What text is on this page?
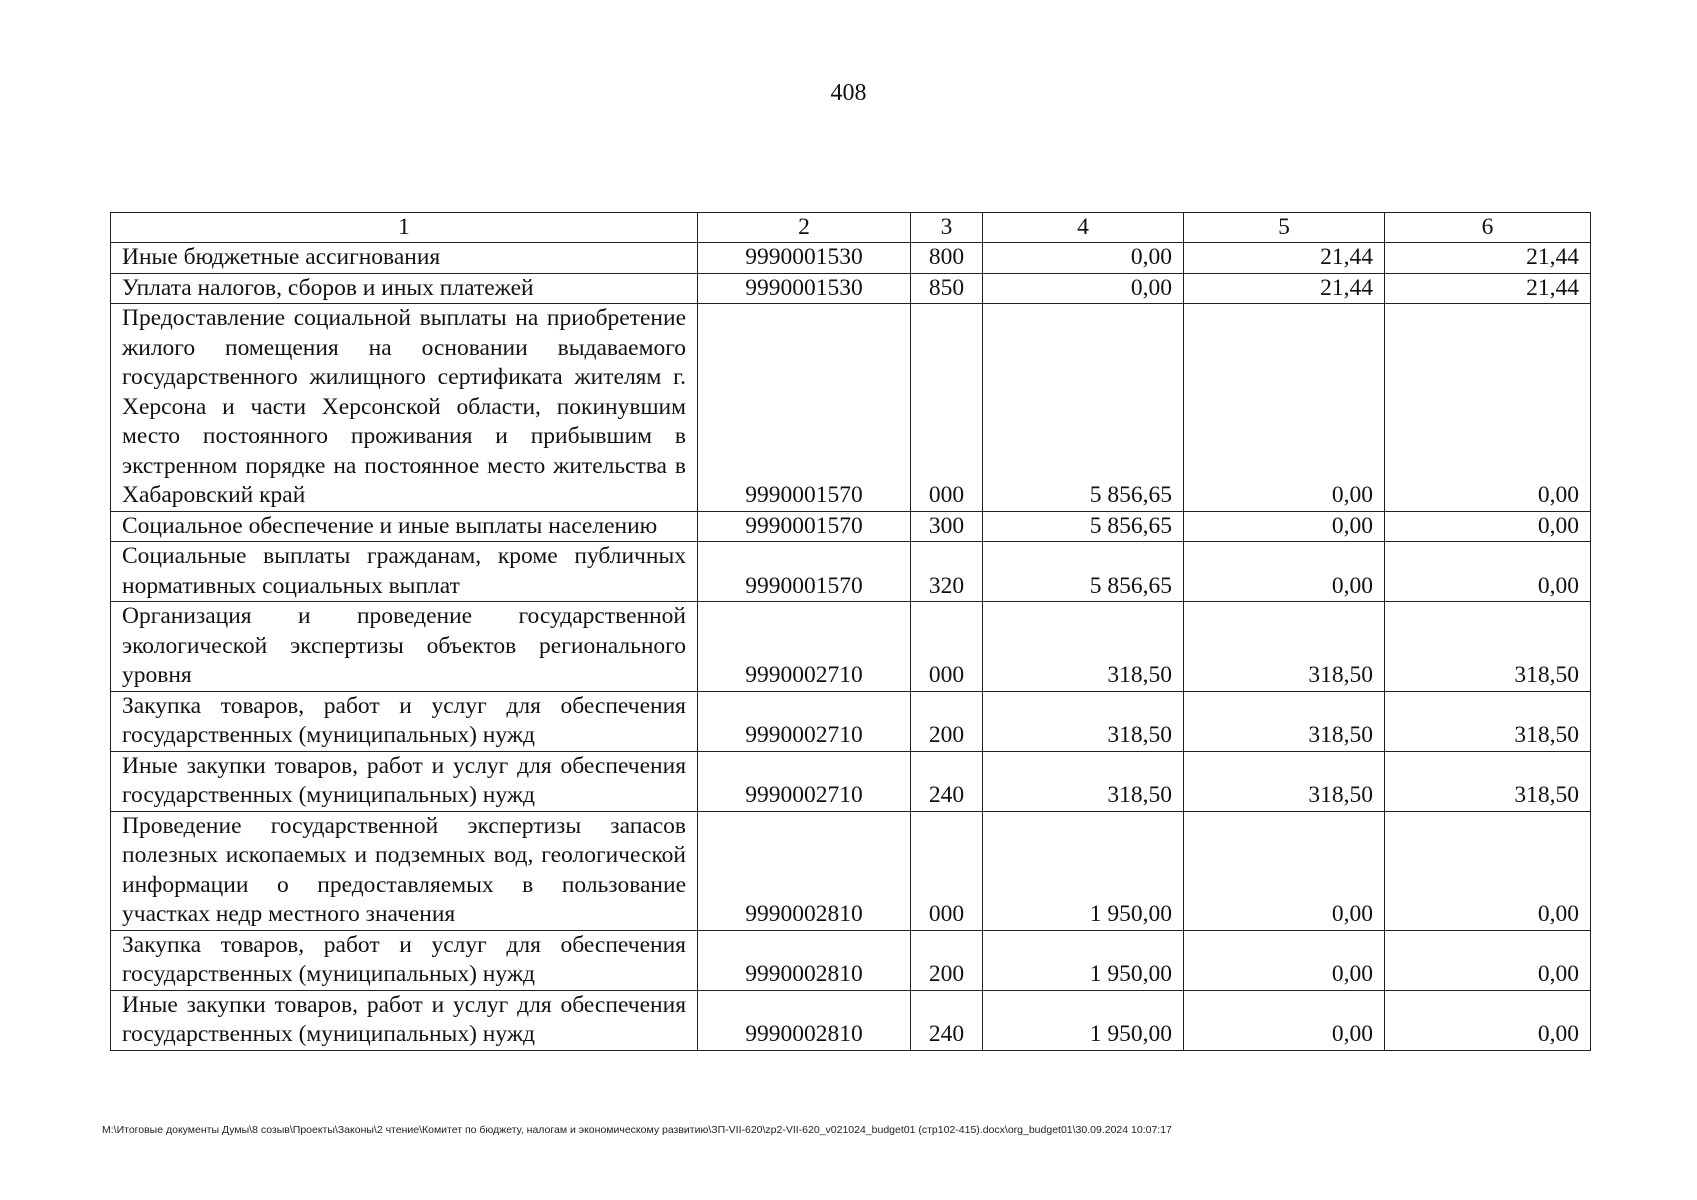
408
1	2	3	4	5	6
Иные бюджетные ассигнования	9990001530	800	0,00	21,44	21,44
Уплата налогов, сборов и иных платежей	9990001530	850	0,00	21,44	21,44
Предоставление социальной выплаты на приобретение жилого помещения на основании выдаваемого государственного жилищного сертификата жителям г. Херсона и части Херсонской области, покинувшим место постоянного проживания и прибывшим в экстренном порядке на постоянное место жительства в Хабаровский край	9990001570	000	5 856,65	0,00	0,00
Социальное обеспечение и иные выплаты населению	9990001570	300	5 856,65	0,00	0,00
Социальные выплаты гражданам, кроме публичных нормативных социальных выплат	9990001570	320	5 856,65	0,00	0,00
Организация и проведение государственной экологической экспертизы объектов регионального уровня	9990002710	000	318,50	318,50	318,50
Закупка товаров, работ и услуг для обеспечения государственных (муниципальных) нужд	9990002710	200	318,50	318,50	318,50
Иные закупки товаров, работ и услуг для обеспечения государственных (муниципальных) нужд	9990002710	240	318,50	318,50	318,50
Проведение государственной экспертизы запасов полезных ископаемых и подземных вод, геологической информации о предоставляемых в пользование участках недр местного значения	9990002810	000	1 950,00	0,00	0,00
Закупка товаров, работ и услуг для обеспечения государственных (муниципальных) нужд	9990002810	200	1 950,00	0,00	0,00
Иные закупки товаров, работ и услуг для обеспечения государственных (муниципальных) нужд	9990002810	240	1 950,00	0,00	0,00
M:\Итоговые документы Думы\8 созыв\Проекты\Законы\2 чтение\Комитет по бюджету, налогам и экономическому развитию\ЗП-VII-620\zp2-VII-620_v021024_budget01 (стр102-415).docx\org_budget01\30.09.2024 10:07:17
